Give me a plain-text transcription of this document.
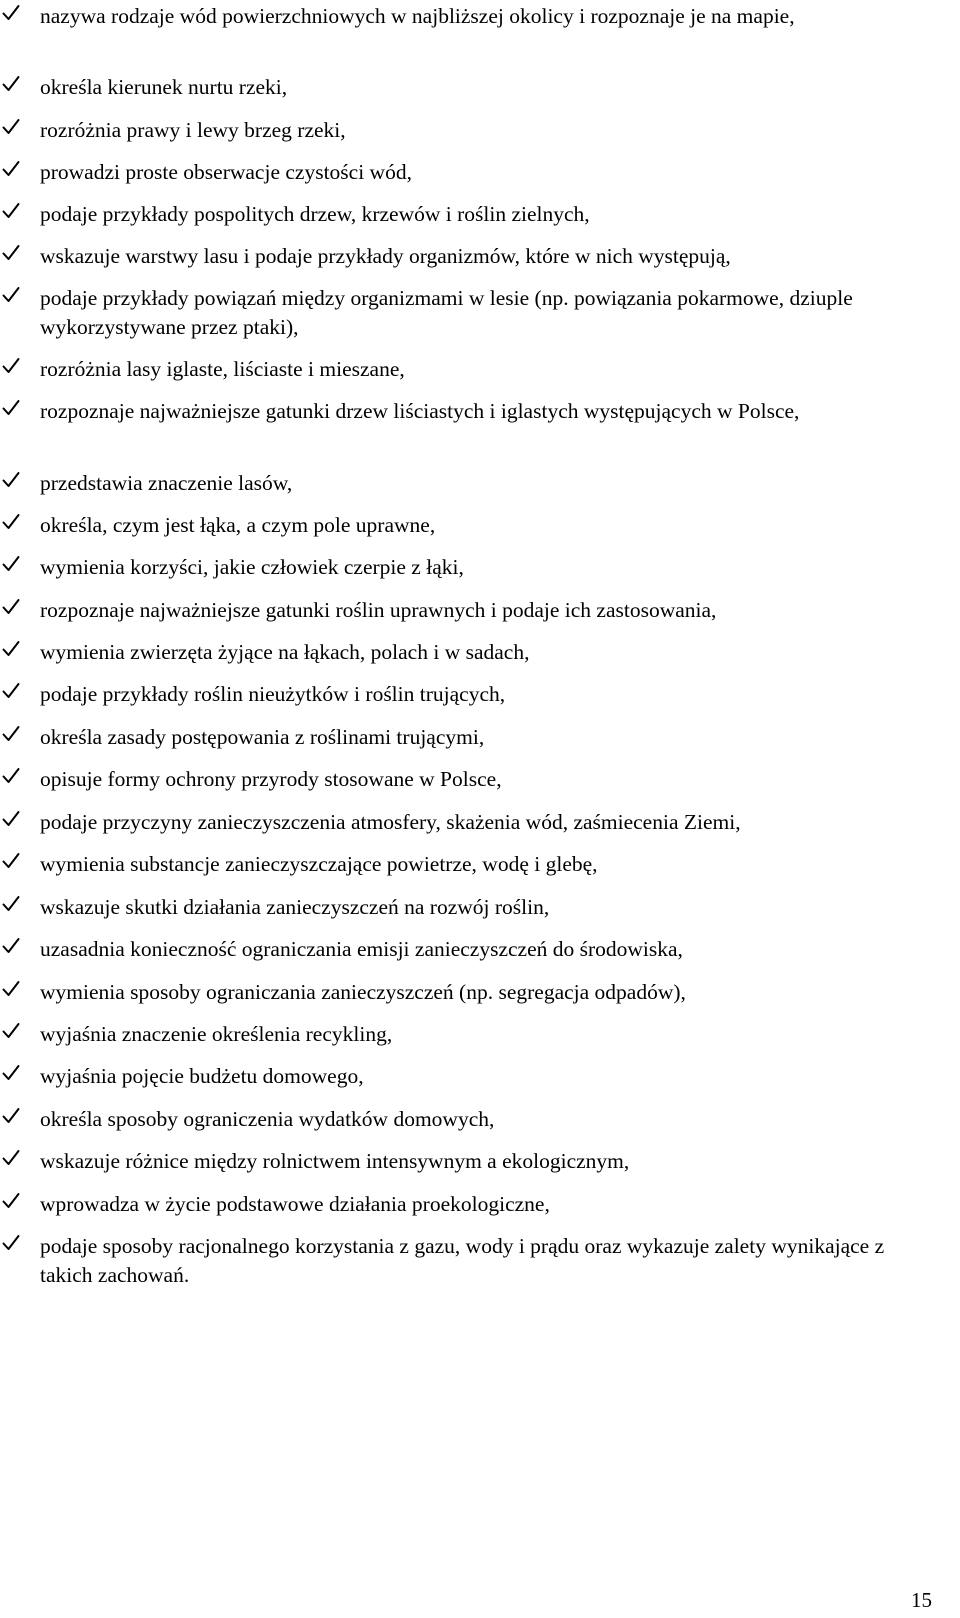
nazywa rodzaje wód powierzchniowych w najbliższej okolicy i rozpoznaje je na mapie,
określa kierunek nurtu rzeki,
rozróżnia prawy i lewy brzeg rzeki,
prowadzi proste obserwacje czystości wód,
podaje przykłady pospolitych drzew, krzewów i roślin zielnych,
wskazuje warstwy lasu i podaje przykłady organizmów, które w nich występują,
podaje przykłady powiązań między organizmami w lesie (np. powiązania pokarmowe, dziuple wykorzystywane przez ptaki),
rozróżnia lasy iglaste, liściaste i mieszane,
rozpoznaje najważniejsze gatunki drzew liściastych i iglastych występujących w Polsce,
przedstawia znaczenie lasów,
określa, czym jest łąka, a czym pole uprawne,
wymienia korzyści, jakie człowiek czerpie z łąki,
rozpoznaje najważniejsze gatunki roślin uprawnych i podaje ich zastosowania,
wymienia zwierzęta żyjące na łąkach, polach i w sadach,
podaje przykłady roślin nieużytków i roślin trujących,
określa zasady postępowania z roślinami trującymi,
opisuje formy ochrony przyrody stosowane w Polsce,
podaje przyczyny zanieczyszczenia atmosfery, skażenia wód, zaśmiecenia Ziemi,
wymienia substancje zanieczyszczające powietrze, wodę i glebę,
wskazuje skutki działania zanieczyszczeń na rozwój roślin,
uzasadnia konieczność ograniczania emisji zanieczyszczeń do środowiska,
wymienia sposoby ograniczania zanieczyszczeń (np. segregacja odpadów),
wyjaśnia znaczenie określenia recykling,
wyjaśnia pojęcie budżetu domowego,
określa sposoby ograniczenia wydatków domowych,
wskazuje różnice między rolnictwem intensywnym a ekologicznym,
wprowadza w życie podstawowe działania proekologiczne,
podaje sposoby racjonalnego korzystania z gazu, wody i prądu oraz wykazuje zalety wynikające z takich zachowań.
15
